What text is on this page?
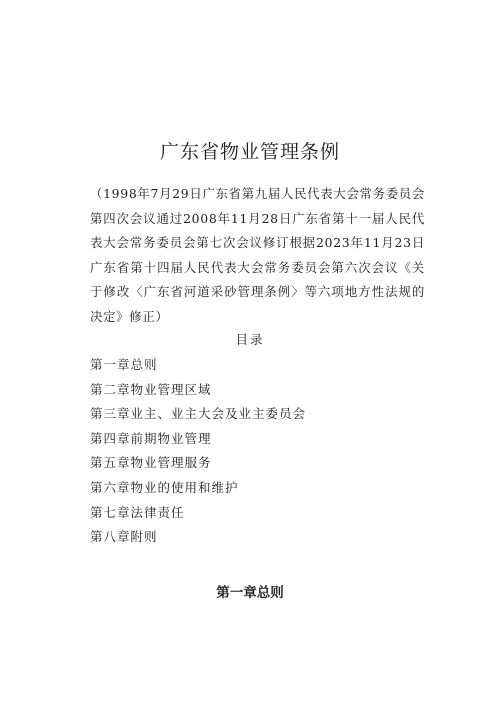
广东省物业管理条例

（1998年7月29日广东省第九届人民代表大会常务委员会第四次会议通过2008年11月28日广东省第十一届人民代表大会常务委员会第七次会议修订根据2023年11月23日广东省第十四届人民代表大会常务委员会第六次会议《关于修改〈广东省河道采砂管理条例〉等六项地方性法规的决定》修正）

目录
第一章总则
第二章物业管理区域
第三章业主、业主大会及业主委员会
第四章前期物业管理
第五章物业管理服务
第六章物业的使用和维护
第七章法律责任
第八章附则
第一章总则
